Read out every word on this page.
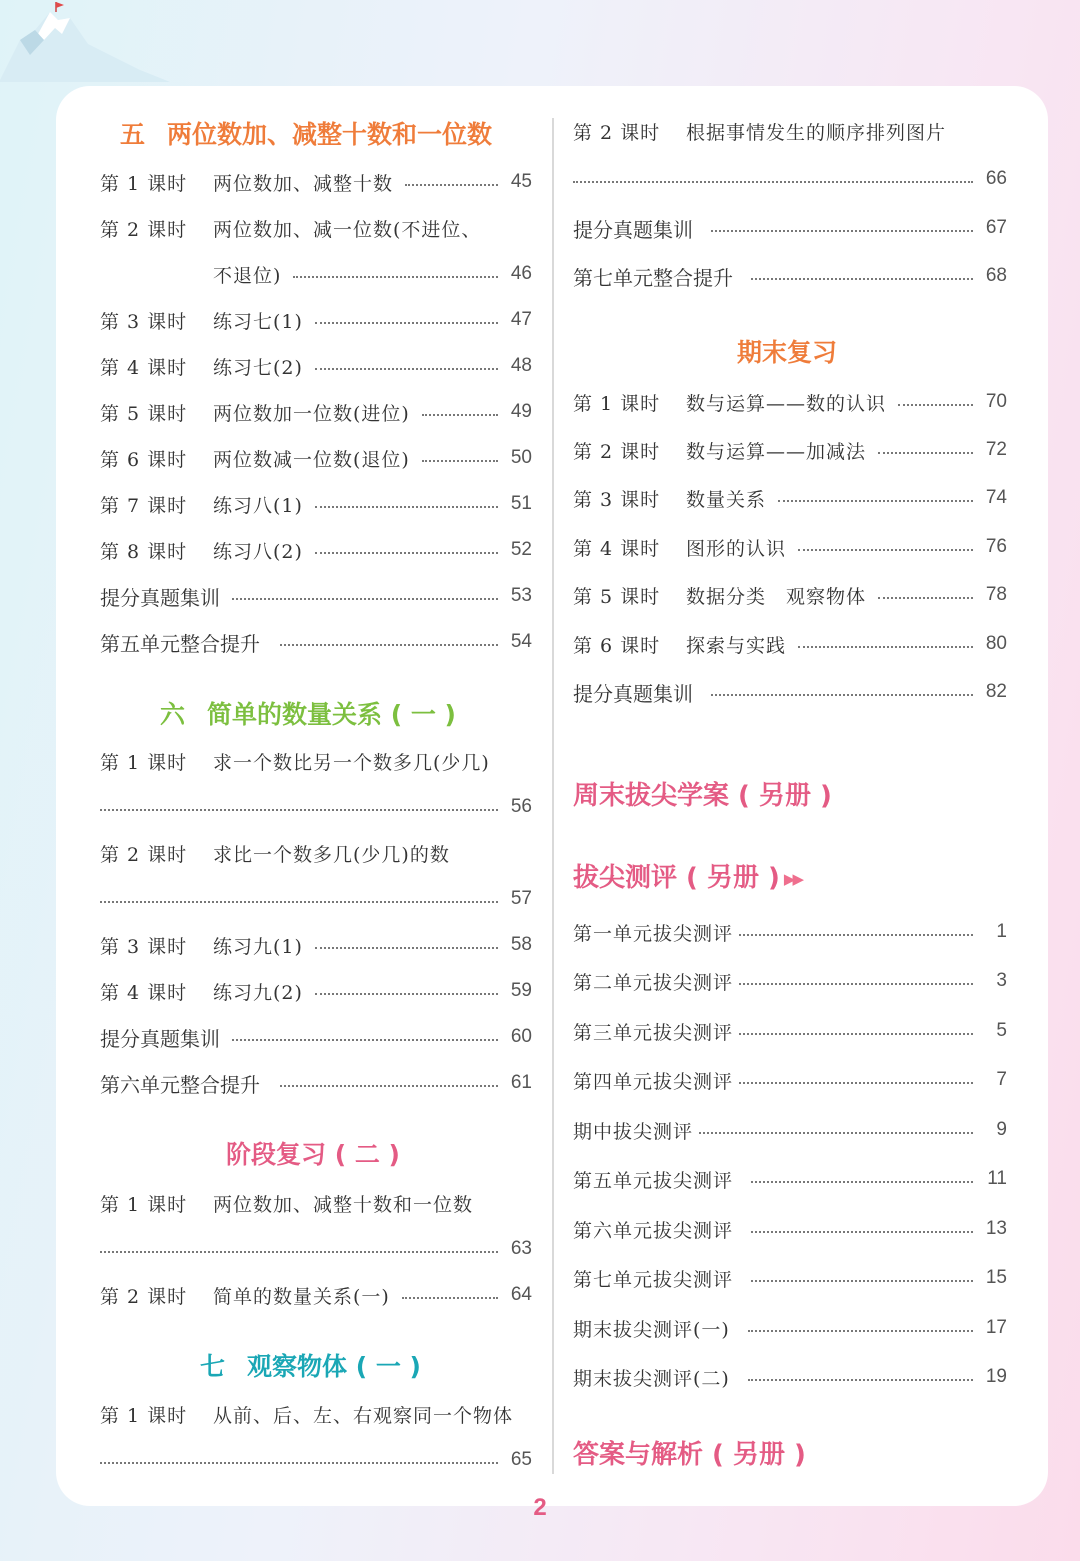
五 两位数加、减整十数和一位数
第 1 课时	两位数加、减整十数	45
第 2 课时	两位数加、减一位数(不进位、
不退位)	46
第 3 课时	练习七(1)	47
第 4 课时	练习七(2)	48
第 5 课时	两位数加一位数(进位)	49
第 6 课时	两位数减一位数(退位)	50
第 7 课时	练习八(1)	51
第 8 课时	练习八(2)	52
提分真题集训	53
第五单元整合提升	54
六 简单的数量关系 ( 一 )
第 1 课时	求一个数比另一个数多几(少几)
56
第 2 课时	求比一个数多几(少几)的数
57
第 3 课时	练习九(1)	58
第 4 课时	练习九(2)	59
提分真题集训	60
第六单元整合提升	61
阶段复习 ( 二 )
第 1 课时	两位数加、减整十数和一位数
63
第 2 课时	简单的数量关系(一)	64
七 观察物体 ( 一 )
第 1 课时	从前、后、左、右观察同一个物体
65
第 2 课时	根据事情发生的顺序排列图片
66
提分真题集训	67
第七单元整合提升	68
期末复习
第 1 课时	数与运算——数的认识	70
第 2 课时	数与运算——加减法	72
第 3 课时	数量关系	74
第 4 课时	图形的认识	76
第 5 课时	数据分类　观察物体	78
第 6 课时	探索与实践	80
提分真题集训	82
周末拔尖学案 ( 另册 )
拔尖测评 ( 另册 ) ▶▶
第一单元拔尖测评	1
第二单元拔尖测评	3
第三单元拔尖测评	5
第四单元拔尖测评	7
期中拔尖测评	9
第五单元拔尖测评	11
第六单元拔尖测评	13
第七单元拔尖测评	15
期末拔尖测评(一)	17
期末拔尖测评(二)	19
答案与解析 ( 另册 )
2
